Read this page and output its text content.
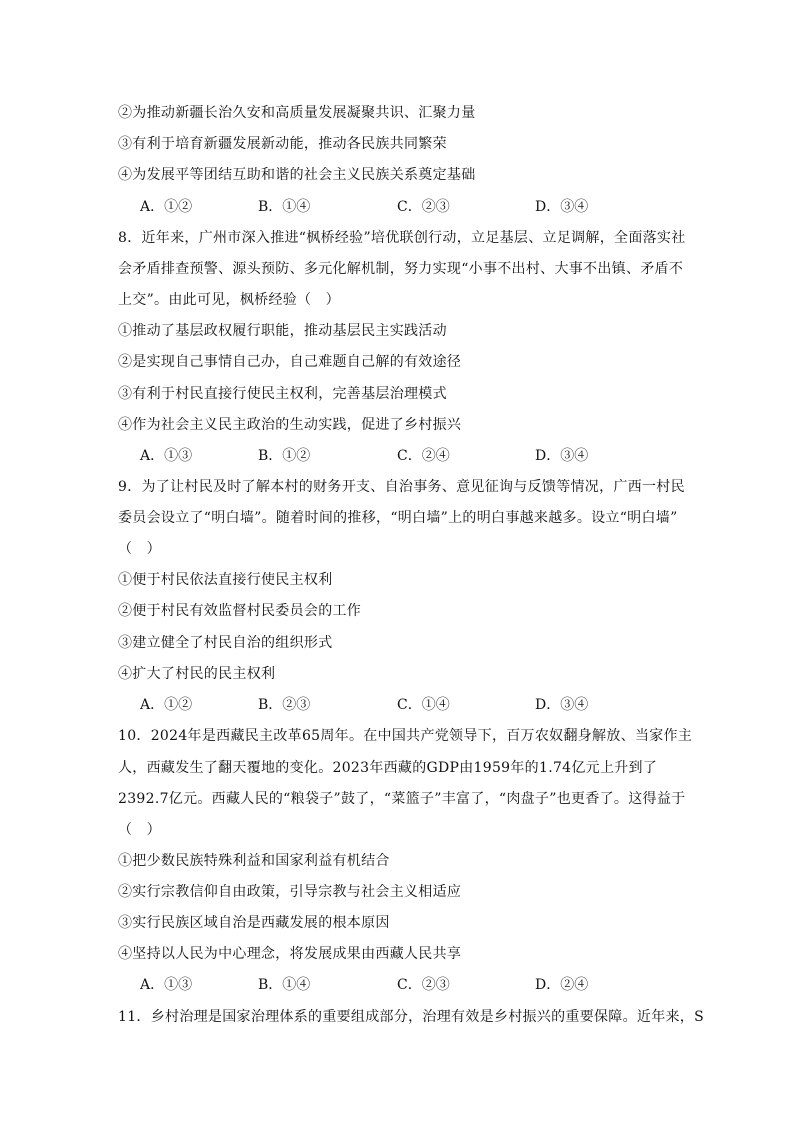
②为推动新疆长治久安和高质量发展凝聚共识、汇聚力量
③有利于培育新疆发展新动能，推动各民族共同繁荣
④为发展平等团结互助和谐的社会主义民族关系奠定基础
A．①②	B．①④	C．②③	D．③④
8．近年来，广州市深入推进“枫桥经验”培优联创行动，立足基层、立足调解，全面落实社
会矛盾排查预警、源头预防、多元化解机制，努力实现“小事不出村、大事不出镇、矛盾不
上交”。由此可见，枫桥经验（　）
①推动了基层政权履行职能，推动基层民主实践活动
②是实现自己事情自己办，自己难题自己解的有效途径
③有利于村民直接行使民主权利，完善基层治理模式
④作为社会主义民主政治的生动实践，促进了乡村振兴
A．①③	B．①②	C．②④	D．③④
9．为了让村民及时了解本村的财务开支、自治事务、意见征询与反馈等情况，广西一村民
委员会设立了“明白墙”。随着时间的推移，“明白墙”上的明白事越来越多。设立“明白墙”
（　）
①便于村民依法直接行使民主权利
②便于村民有效监督村民委员会的工作
③建立健全了村民自治的组织形式
④扩大了村民的民主权利
A．①②	B．②③	C．①④	D．③④
10．2024年是西藏民主改革65周年。在中国共产党领导下，百万农奴翻身解放、当家作主
人，西藏发生了翻天覆地的变化。2023年西藏的GDP由1959年的1.74亿元上升到了
2392.7亿元。西藏人民的“粮袋子”鼓了，“菜篮子”丰富了，“肉盘子”也更香了。这得益于
（　）
①把少数民族特殊利益和国家利益有机结合
②实行宗教信仰自由政策，引导宗教与社会主义相适应
③实行民族区域自治是西藏发展的根本原因
④坚持以人民为中心理念，将发展成果由西藏人民共享
A．①③	B．①④	C．②③	D．②④
11．乡村治理是国家治理体系的重要组成部分，治理有效是乡村振兴的重要保障。近年来，S
